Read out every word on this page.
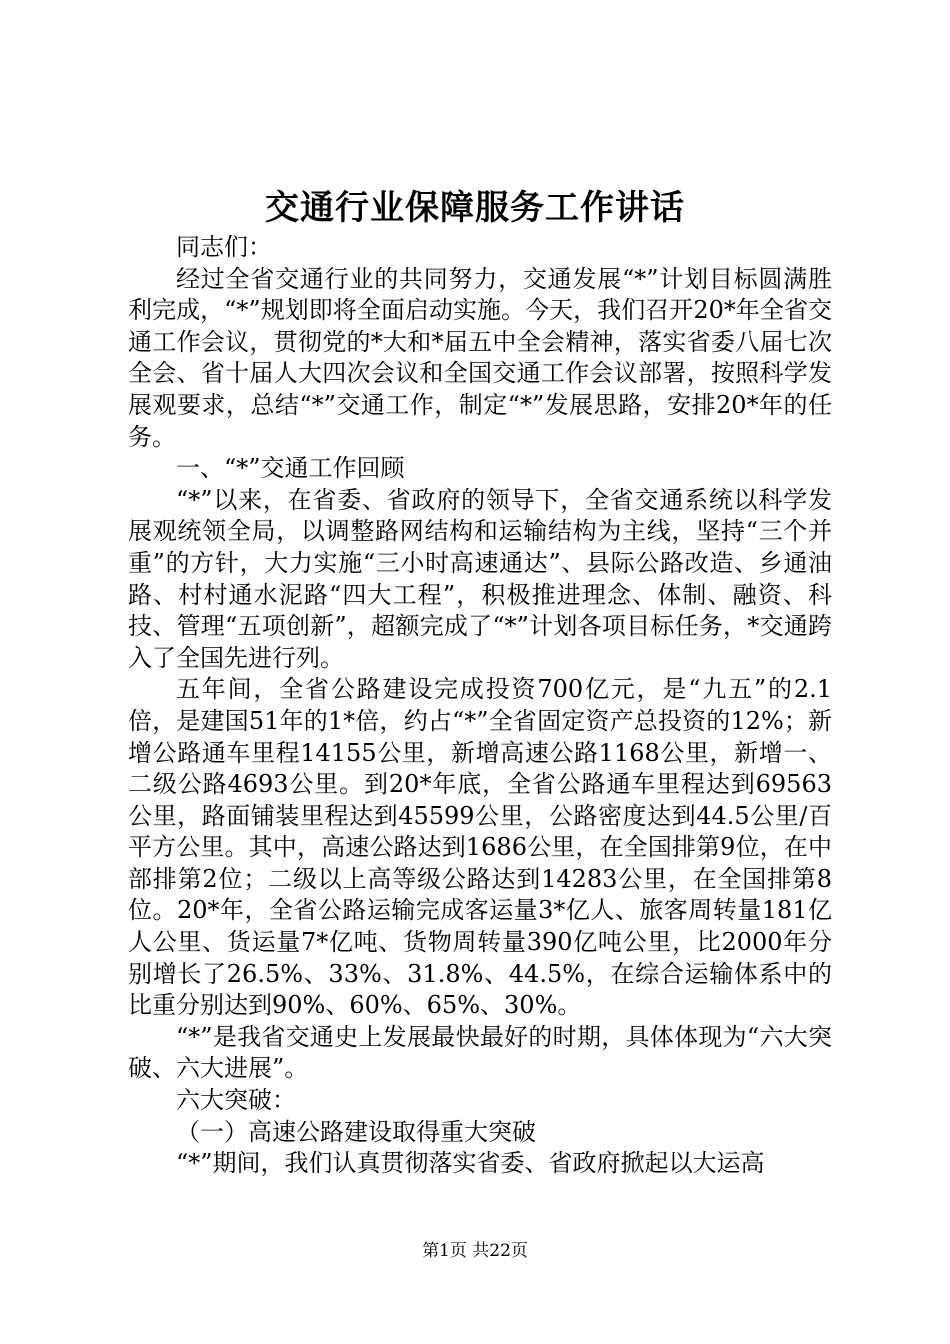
交通行业保障服务工作讲话

同志们：

经过全省交通行业的共同努力，交通发展“*”计划目标圆满胜利完成，“*”规划即将全面启动实施。今天，我们召开20*年全省交通工作会议，贯彻党的*大和*届五中全会精神，落实省委八届七次全会、省十届人大四次会议和全国交通工作会议部署，按照科学发展观要求，总结“*”交通工作，制定“*”发展思路，安排20*年的任务。

一、“*”交通工作回顾

“*”以来，在省委、省政府的领导下，全省交通系统以科学发展观统领全局，以调整路网结构和运输结构为主线，坚持“三个并重”的方针，大力实施“三小时高速通达”、县际公路改造、乡通油路、村村通水泥路“四大工程”，积极推进理念、体制、融资、科技、管理“五项创新”，超额完成了“*”计划各项目标任务，*交通跨入了全国先进行列。

五年间，全省公路建设完成投资700亿元，是“九五”的2.1倍，是建国51年的1*倍，约占“*”全省固定资产总投资的12%；新增公路通车里程14155公里，新增高速公路1168公里，新增一、二级公路4693公里。到20*年底，全省公路通车里程达到69563公里，路面铺装里程达到45599公里，公路密度达到44.5公里/百平方公里。其中，高速公路达到1686公里，在全国排第9位，在中部排第2位；二级以上高等级公路达到14283公里，在全国排第8位。20*年，全省公路运输完成客运量3*亿人、旅客周转量181亿人公里、货运量7*亿吨、货物周转量390亿吨公里，比2000年分别增长了26.5%、33%、31.8%、44.5%，在综合运输体系中的比重分别达到90%、60%、65%、30%。

“*”是我省交通史上发展最快最好的时期，具体体现为“六大突破、六大进展”。

六大突破：

（一）高速公路建设取得重大突破

“*”期间，我们认真贯彻落实省委、省政府掀起以大运高

第1页 共22页
